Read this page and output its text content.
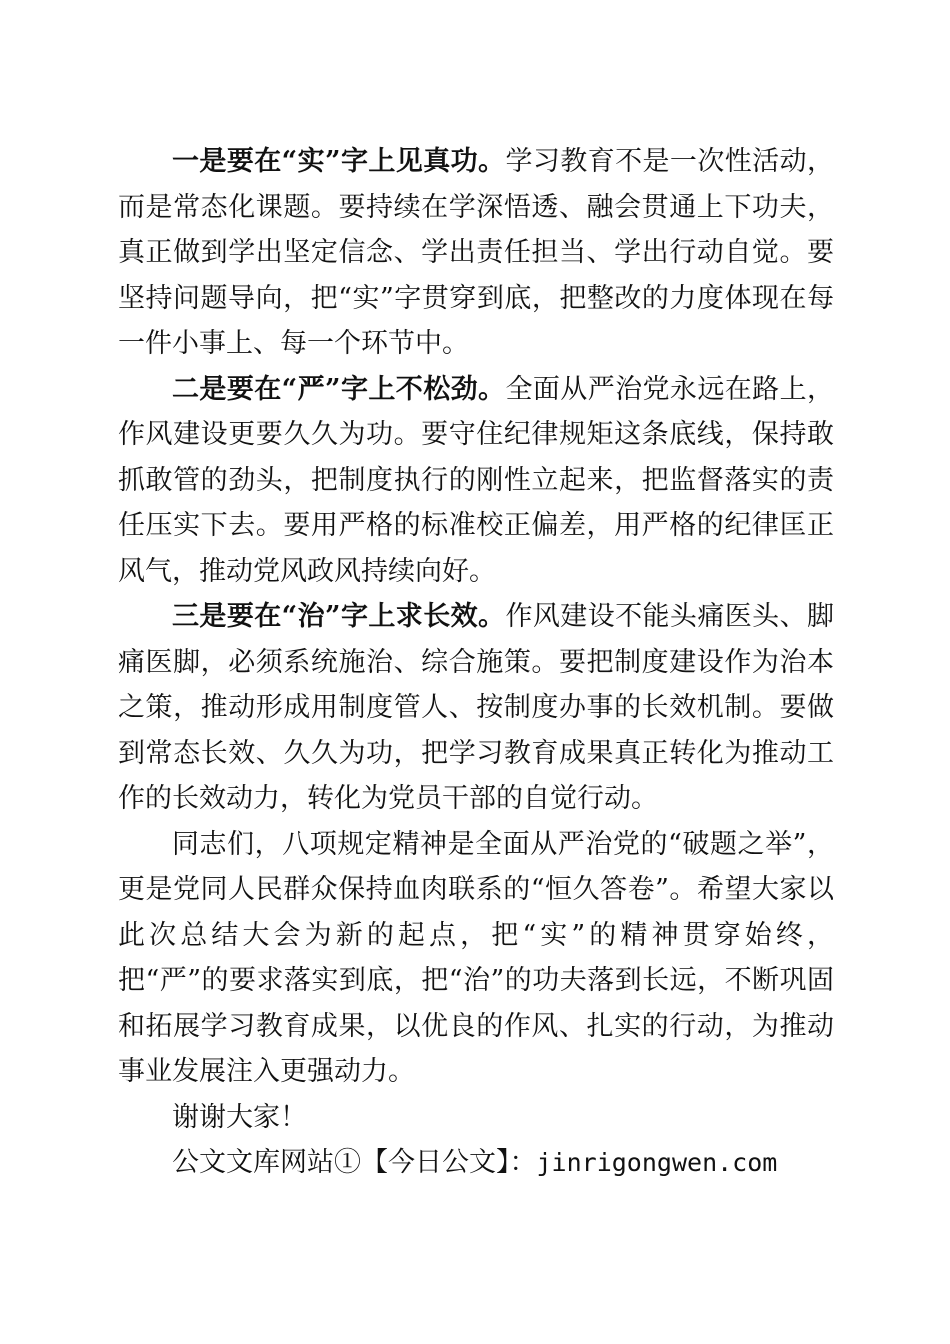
一是要在“实”字上见真功。学习教育不是一次性活动，而是常态化课题。要持续在学深悟透、融会贯通上下功夫，真正做到学出坚定信念、学出责任担当、学出行动自觉。要坚持问题导向，把“实”字贯穿到底，把整改的力度体现在每一件小事上、每一个环节中。

二是要在“严”字上不松劲。全面从严治党永远在路上，作风建设更要久久为功。要守住纪律规矩这条底线，保持敢抓敢管的劲头，把制度执行的刚性立起来，把监督落实的责任压实下去。要用严格的标准校正偏差，用严格的纪律匡正风气，推动党风政风持续向好。

三是要在“治”字上求长效。作风建设不能头痛医头、脚痛医脚，必须系统施治、综合施策。要把制度建设作为治本之策，推动形成用制度管人、按制度办事的长效机制。要做到常态长效、久久为功，把学习教育成果真正转化为推动工作的长效动力，转化为党员干部的自觉行动。

同志们，八项规定精神是全面从严治党的“破题之举”，更是党同人民群众保持血肉联系的“恒久答卷”。希望大家以此次总结大会为新的起点，把“实”的精神贯穿始终，把“严”的要求落实到底，把“治”的功夫落到长远，不断巩固和拓展学习教育成果，以优良的作风、扎实的行动，为推动事业发展注入更强动力。

谢谢大家！

公文文库网站①【今日公文】：jinrigongwen.com
